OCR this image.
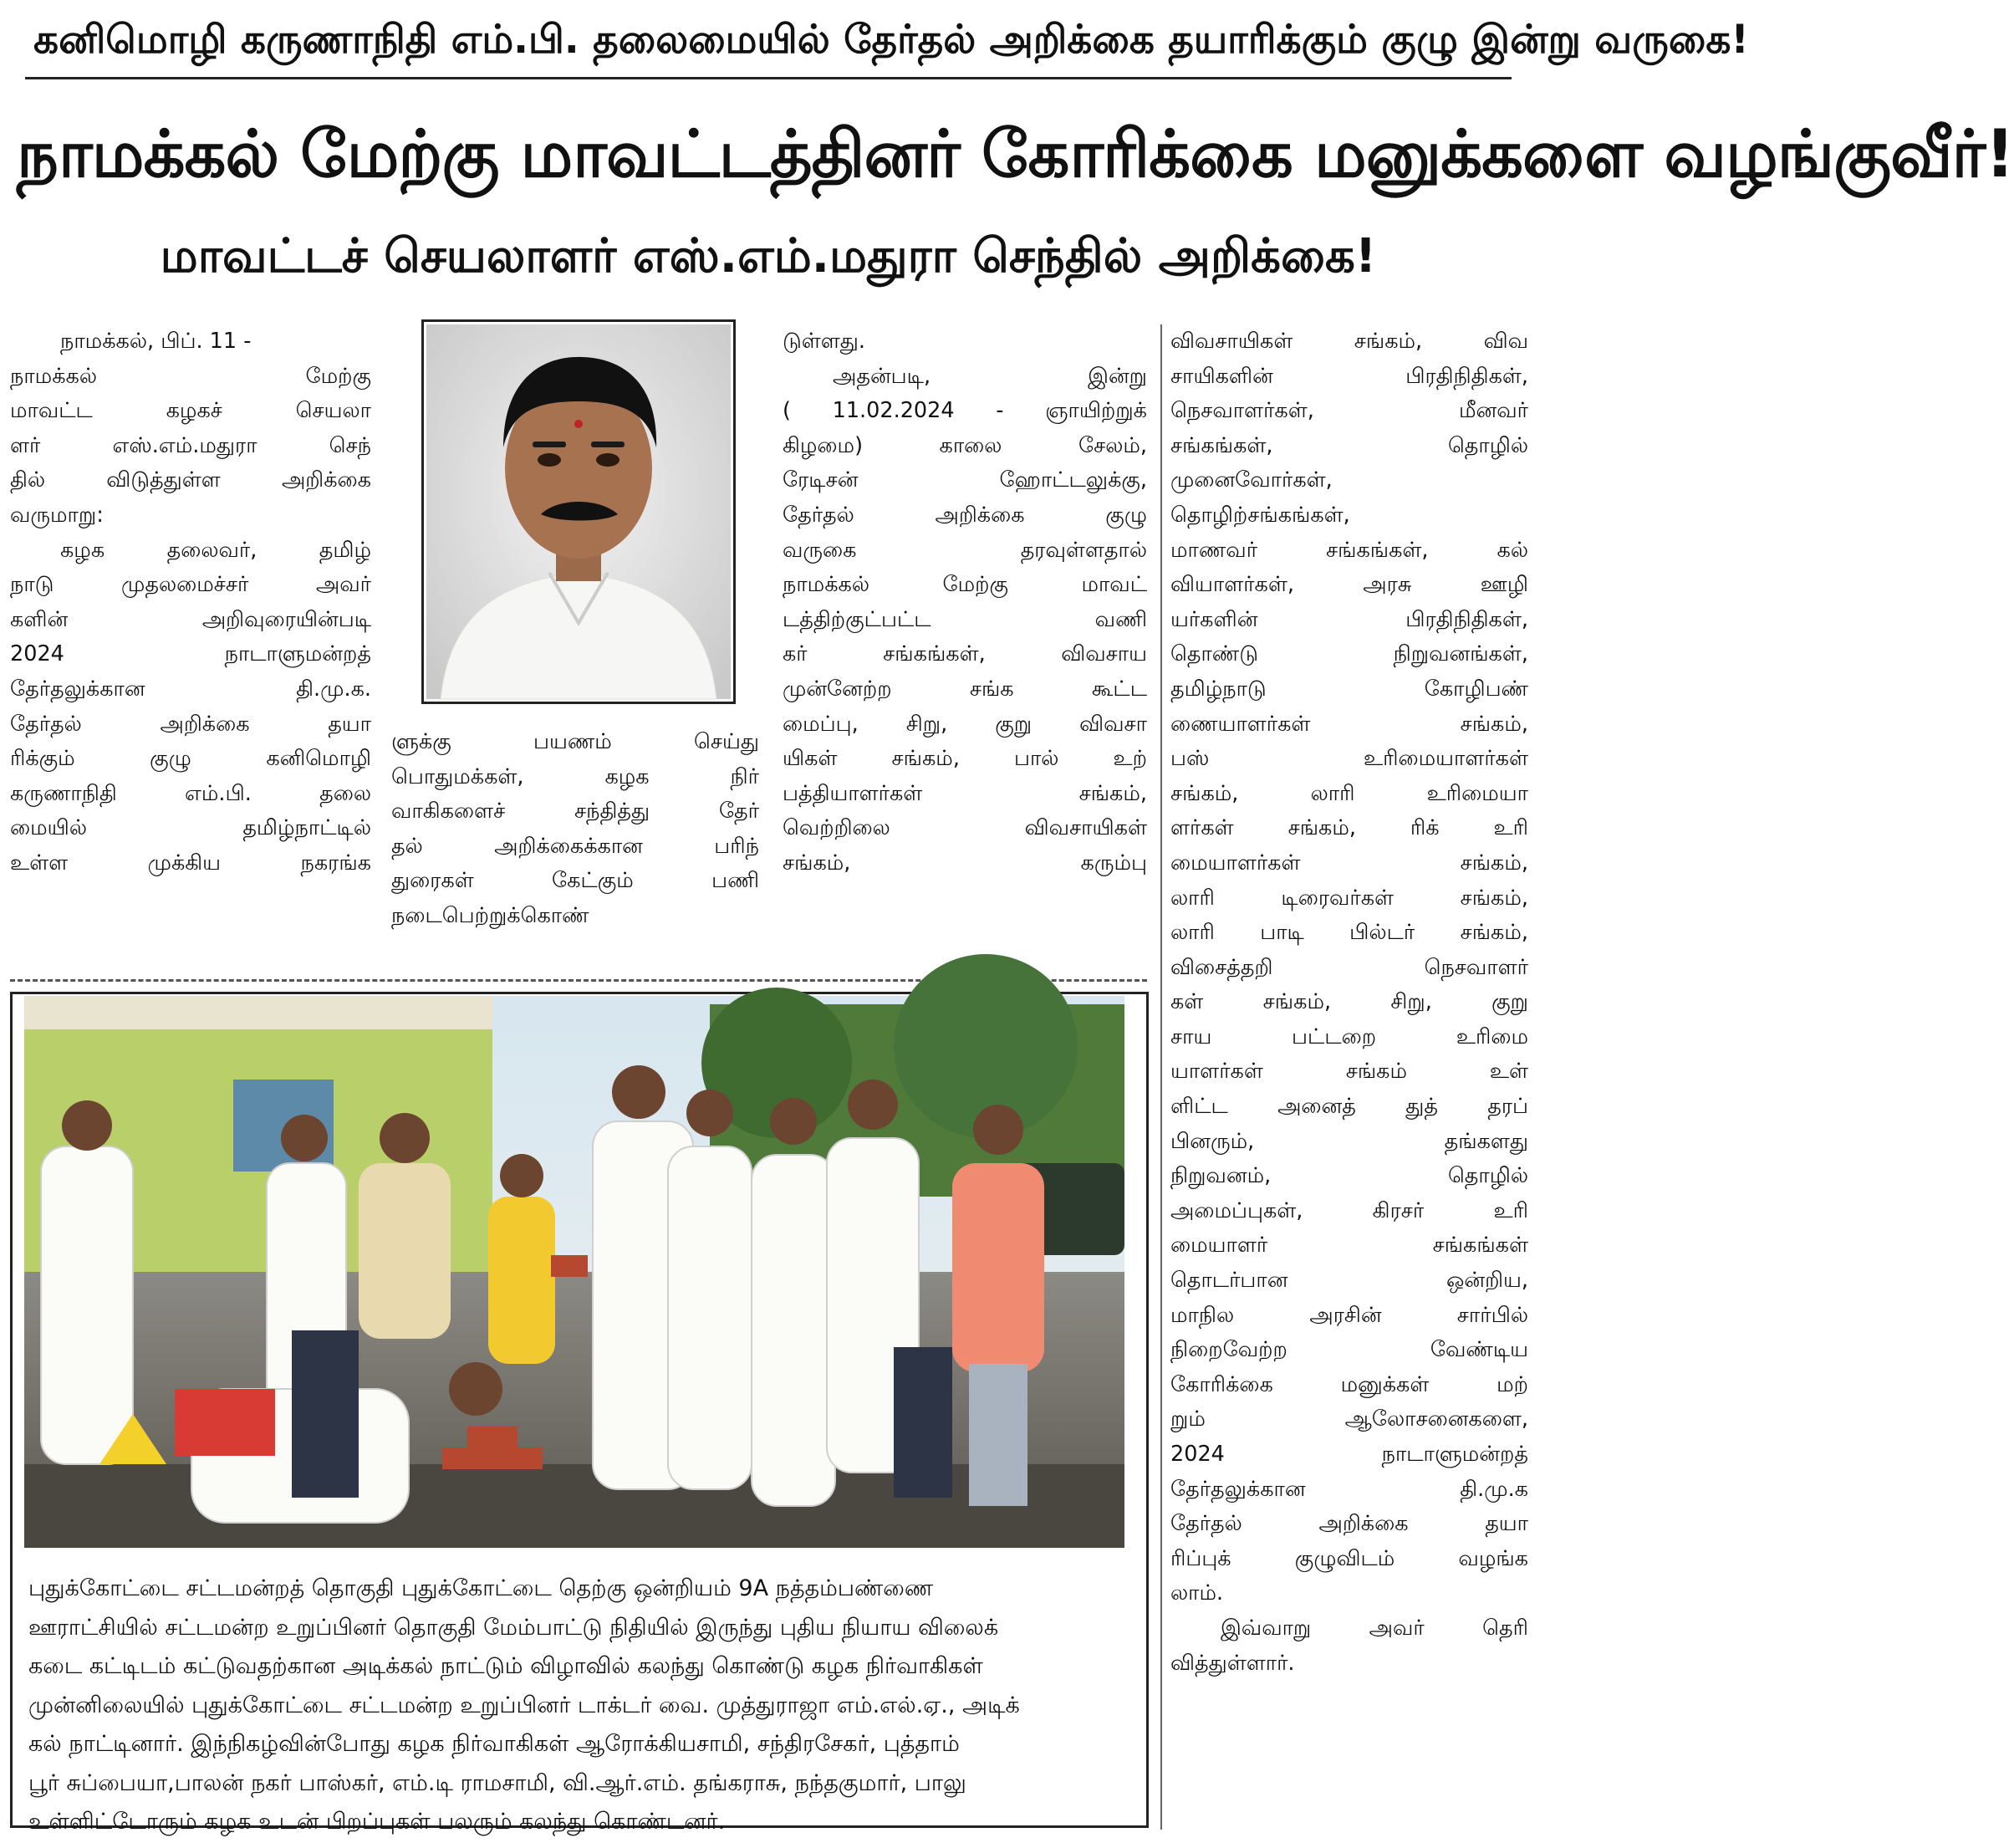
கனிமொழி கருணாநிதி எம்.பி. தலைமையில் தேர்தல் அறிக்கை தயாரிக்கும் குழு இன்று வருகை!
நாமக்கல் மேற்கு மாவட்டத்தினர் கோரிக்கை மனுக்களை வழங்குவீர்!
மாவட்டச் செயலாளர் எஸ்.எம்.மதுரா செந்தில் அறிக்கை!
நாமக்கல், பிப். 11 -
நாமக்கல் மேற்கு
மாவட்ட கழகச் செயலா
ளர் எஸ்.எம்.மதுரா செந்
தில் விடுத்துள்ள அறிக்கை
வருமாறு:
கழக தலைவர், தமிழ்
நாடு முதலமைச்சர் அவர்
களின் அறிவுரையின்படி
2024 நாடாளுமன்றத்
தேர்தலுக்கான தி.மு.க.
தேர்தல் அறிக்கை தயா
ரிக்கும் குழு கனிமொழி
கருணாநிதி எம்.பி. தலை
மையில் தமிழ்நாட்டில்
உள்ள முக்கிய நகரங்க
ளுக்கு பயணம் செய்து
பொதுமக்கள், கழக நிர்
வாகிகளைச் சந்தித்து தேர்
தல் அறிக்கைக்கான பரிந்
துரைகள் கேட்கும் பணி
நடைபெற்றுக்கொண்
டுள்ளது.
அதன்படி, இன்று
( 11.02.2024 - ஞாயிற்றுக்
கிழமை) காலை சேலம்,
ரேடிசன் ஹோட்டலுக்கு,
தேர்தல் அறிக்கை குழு
வருகை தரவுள்ளதால்
நாமக்கல் மேற்கு மாவட்
டத்திற்குட்பட்ட வணி
கர் சங்கங்கள், விவசாய
முன்னேற்ற சங்க கூட்ட
மைப்பு, சிறு, குறு விவசா
யிகள் சங்கம், பால் உற்
பத்தியாளர்கள் சங்கம்,
வெற்றிலை விவசாயிகள்
சங்கம், கரும்பு
விவசாயிகள் சங்கம், விவ
சாயிகளின் பிரதிநிதிகள்,
நெசவாளர்கள், மீனவர்
சங்கங்கள், தொழில்
முனைவோர்கள்,
தொழிற்சங்கங்கள்,
மாணவர் சங்கங்கள், கல்
வியாளர்கள், அரசு ஊழி
யர்களின் பிரதிநிதிகள்,
தொண்டு நிறுவனங்கள்,
தமிழ்நாடு கோழிபண்
ணையாளர்கள் சங்கம்,
பஸ் உரிமையாளர்கள்
சங்கம், லாரி உரிமையா
ளர்கள் சங்கம், ரிக் உரி
மையாளர்கள் சங்கம்,
லாரி டிரைவர்கள் சங்கம்,
லாரி பாடி பில்டர் சங்கம்,
விசைத்தறி நெசவாளர்
கள் சங்கம், சிறு, குறு
சாய பட்டறை உரிமை
யாளர்கள் சங்கம் உள்
ளிட்ட அனைத் துத் தரப்
பினரும், தங்களது
நிறுவனம், தொழில்
அமைப்புகள், கிரசர் உரி
மையாளர் சங்கங்கள்
தொடர்பான ஒன்றிய,
மாநில அரசின் சார்பில்
நிறைவேற்ற வேண்டிய
கோரிக்கை மனுக்கள் மற்
றும் ஆலோசனைகளை,
2024 நாடாளுமன்றத்
தேர்தலுக்கான தி.மு.க
தேர்தல் அறிக்கை தயா
ரிப்புக் குழுவிடம் வழங்க
லாம்.
இவ்வாறு அவர் தெரி
வித்துள்ளார்.
புதுக்கோட்டை சட்டமன்றத் தொகுதி புதுக்கோட்டை தெற்கு ஒன்றியம் 9A நத்தம்பண்ணை
ஊராட்சியில் சட்டமன்ற உறுப்பினர் தொகுதி மேம்பாட்டு நிதியில் இருந்து புதிய நியாய விலைக்
கடை கட்டிடம் கட்டுவதற்கான அடிக்கல் நாட்டும் விழாவில் கலந்து கொண்டு கழக நிர்வாகிகள்
முன்னிலையில் புதுக்கோட்டை சட்டமன்ற உறுப்பினர் டாக்டர் வை. முத்துராஜா எம்.எல்.ஏ., அடிக்
கல் நாட்டினார். இந்நிகழ்வின்போது கழக நிர்வாகிகள் ஆரோக்கியசாமி, சந்திரசேகர், புத்தாம்
பூர் சுப்பையா,பாலன் நகர் பாஸ்கர், எம்.டி ராமசாமி, வி.ஆர்.எம். தங்கராசு, நந்தகுமார், பாலு
உள்ளிட்டோரும் கழக உடன் பிறப்புகள் பலரும் கலந்து கொண்டனர்.
